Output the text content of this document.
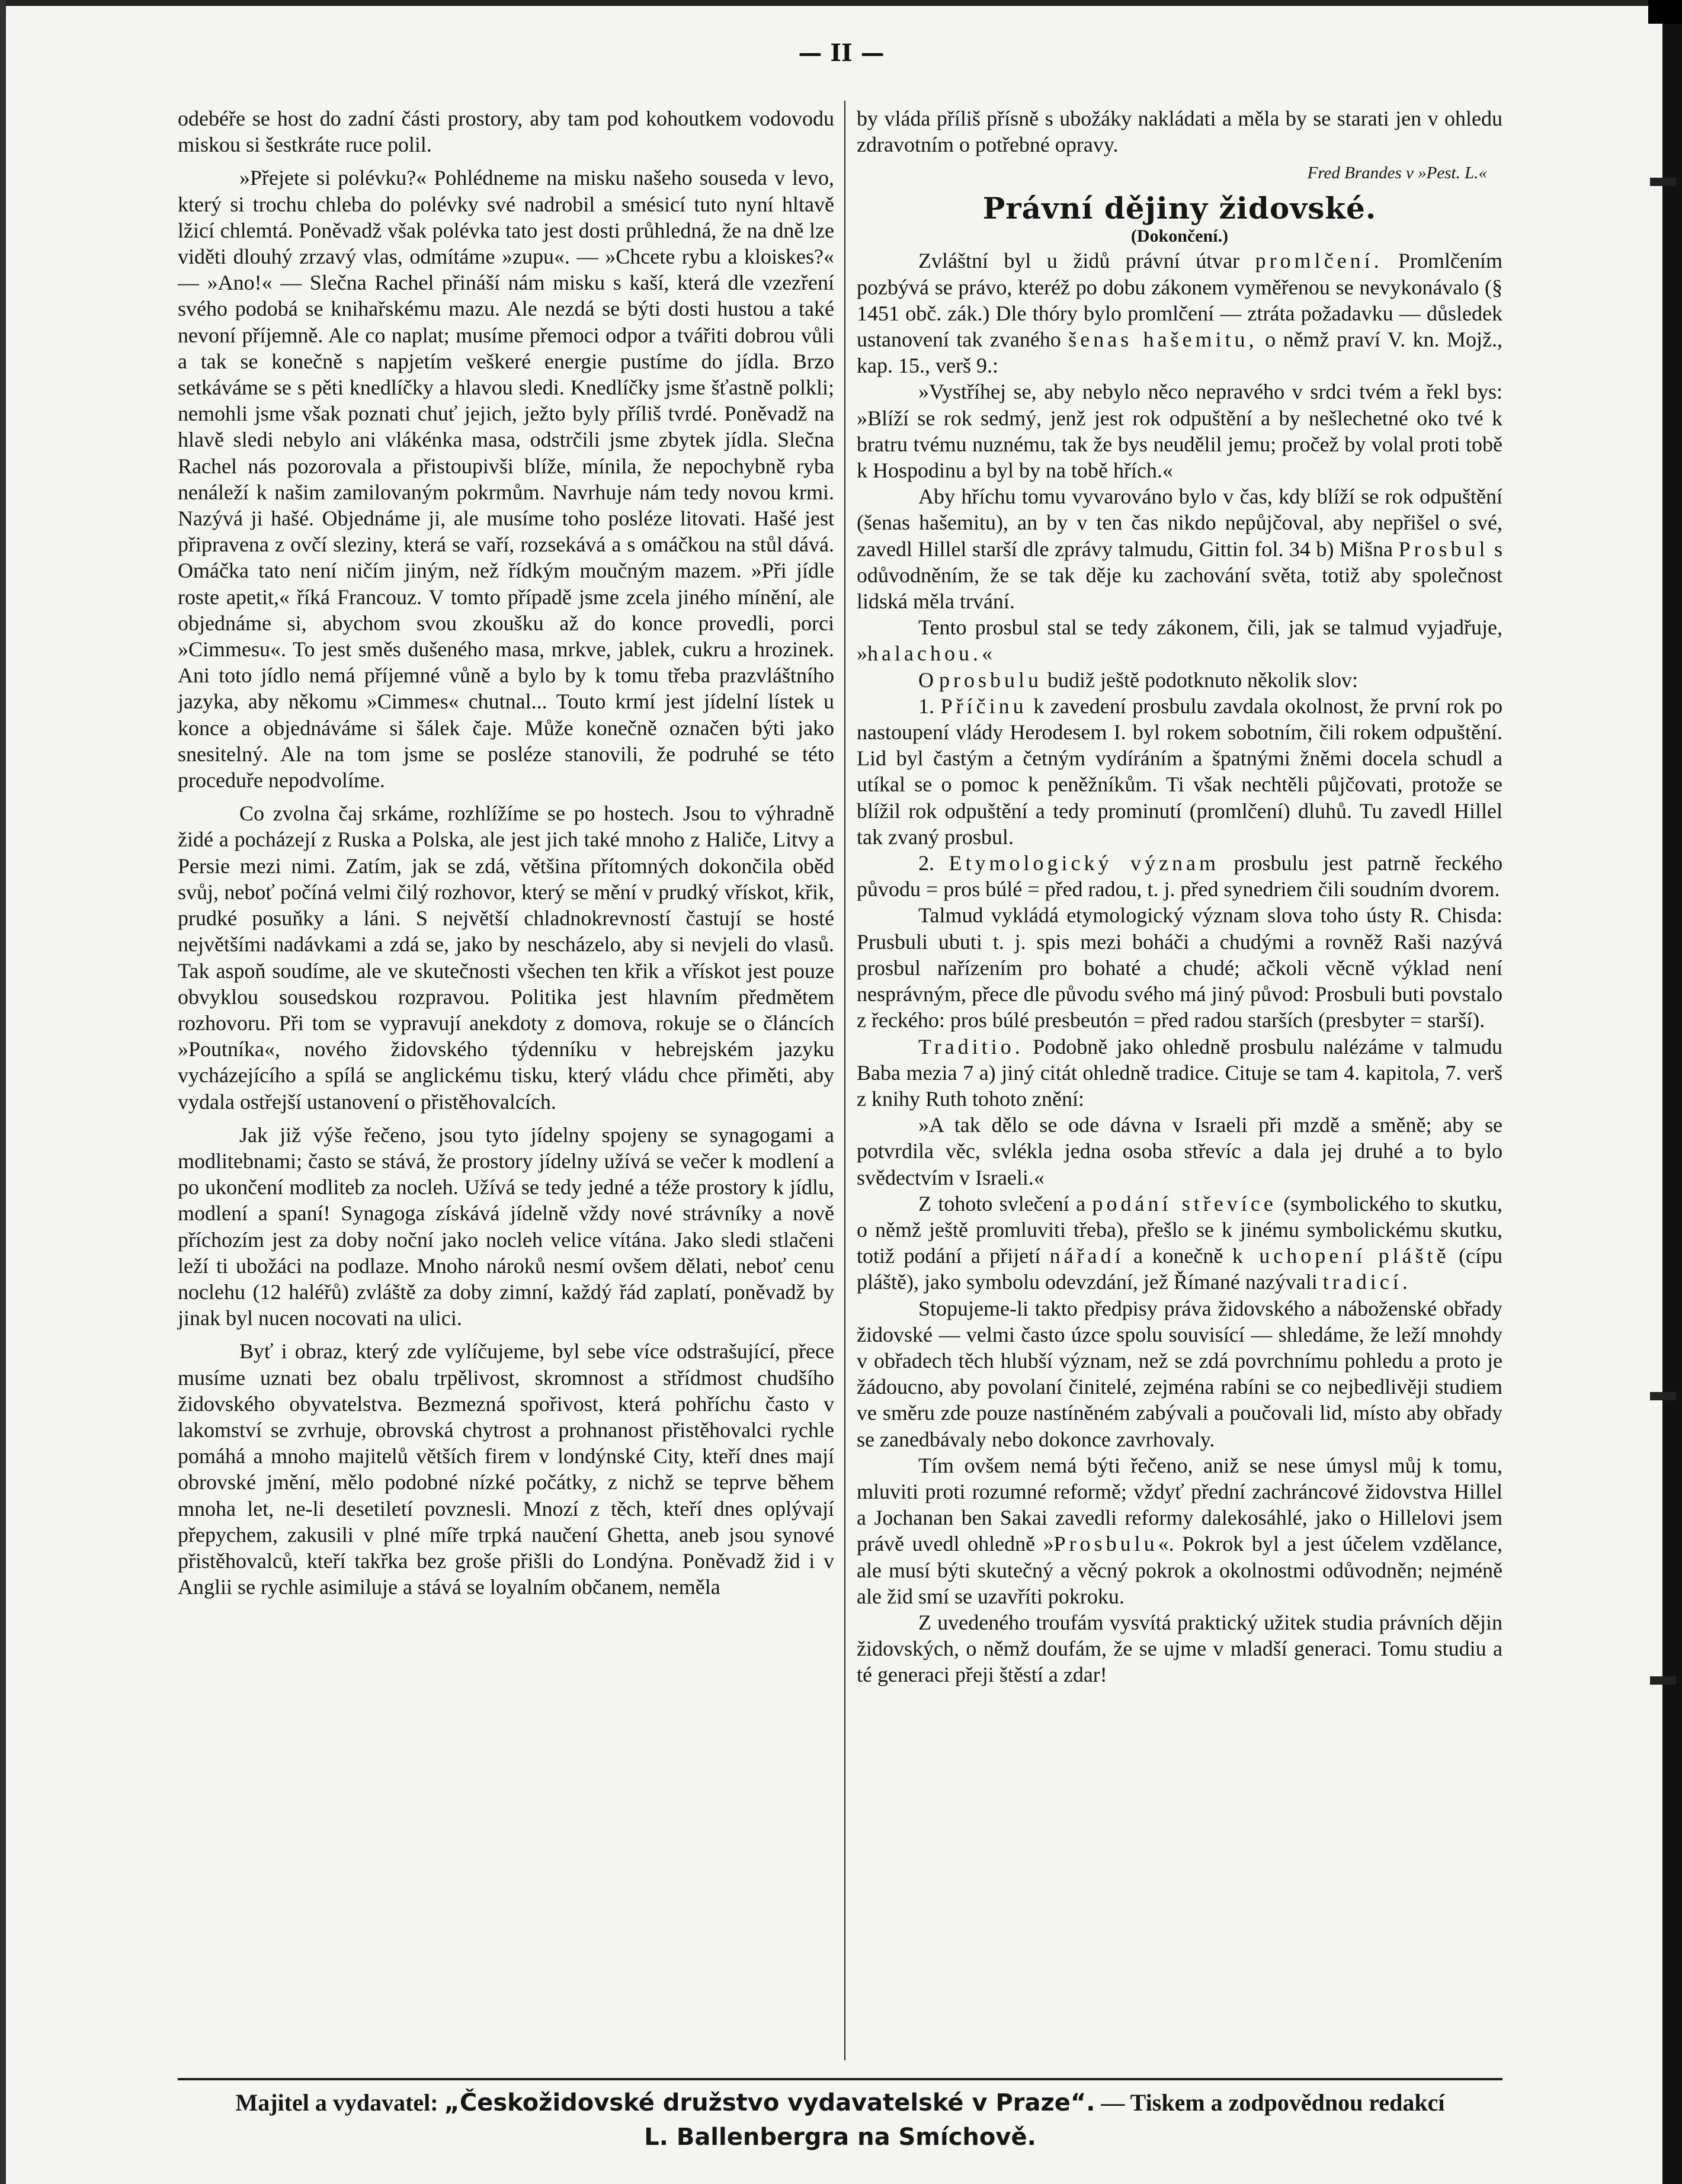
— II —

odebéře se host do zadní části prostory, aby tam pod kohoutkem vodovodu miskou si šestkráte ruce polil.

»Přejete si polévku?« Pohlédneme na misku našeho souseda v levo, který si trochu chleba do polévky své nadrobil a smésicí tuto nyní hltavě lžicí chlemtá. Poněvadž však polévka tato jest dosti průhledná, že na dně lze viděti dlouhý zrzavý vlas, odmítáme »zupu«. — »Chcete rybu a kloiskes?« — »Ano!« — Slečna Rachel přináší nám misku s kaší, která dle vzezření svého podobá se knihařskému mazu. Ale nezdá se býti dosti hustou a také nevoní příjemně. Ale co naplat; musíme přemoci odpor a tvářiti dobrou vůli a tak se konečně s napjetím veškeré energie pustíme do jídla. Brzo setkáváme se s pěti knedlíčky a hlavou sledi. Knedlíčky jsme šťastně polkli; nemohli jsme však poznati chuť jejich, ježto byly příliš tvrdé. Poněvadž na hlavě sledi nebylo ani vlákénka masa, odstrčili jsme zbytek jídla. Slečna Rachel nás pozorovala a přistoupivši blíže, mínila, že nepochybně ryba nenáleží k našim zamilovaným pokrmům. Navrhuje nám tedy novou krmi. Nazývá ji hašé. Objednáme ji, ale musíme toho posléze litovati. Hašé jest připravena z ovčí sleziny, která se vaří, rozsekává a s omáčkou na stůl dává. Omáčka tato není ničím jiným, než řídkým moučným mazem. »Při jídle roste apetit,« říká Francouz. V tomto případě jsme zcela jiného mínění, ale objednáme si, abychom svou zkoušku až do konce provedli, porci »Cimmesu«. To jest směs dušeného masa, mrkve, jablek, cukru a hrozinek. Ani toto jídlo nemá příjemné vůně a bylo by k tomu třeba prazvláštního jazyka, aby někomu »Cimmes« chutnal... Touto krmí jest jídelní lístek u konce a objednáváme si šálek čaje. Může konečně označen býti jako snesitelný. Ale na tom jsme se posléze stanovili, že podruhé se této proceduře nepodvolíme.

Co zvolna čaj srkáme, rozhlížíme se po hostech. Jsou to výhradně židé a pocházejí z Ruska a Polska, ale jest jich také mnoho z Haliče, Litvy a Persie mezi nimi. Zatím, jak se zdá, většina přítomných dokončila oběd svůj, neboť počíná velmi čilý rozhovor, který se mění v prudký vřískot, křik, prudké posuňky a láni. S největší chladnokrevností častují se hosté největšími nadávkami a zdá se, jako by nescházelo, aby si nevjeli do vlasů. Tak aspoň soudíme, ale ve skutečnosti všechen ten křik a vřískot jest pouze obvyklou sousedskou rozpravou. Politika jest hlavním předmětem rozhovoru. Při tom se vypravují anekdoty z domova, rokuje se o článcích »Poutníka«, nového židovského týdenníku v hebrejském jazyku vycházejícího a spílá se anglickému tisku, který vládu chce přiměti, aby vydala ostřejší ustanovení o přistěhovalcích.

Jak již výše řečeno, jsou tyto jídelny spojeny se synagogami a modlitebnami; často se stává, že prostory jídelny užívá se večer k modlení a po ukončení modliteb za nocleh. Užívá se tedy jedné a téže prostory k jídlu, modlení a spaní! Synagoga získává jídelně vždy nové strávníky a nově příchozím jest za doby noční jako nocleh velice vítána. Jako sledi stlačeni leží ti ubožáci na podlaze. Mnoho nároků nesmí ovšem dělati, neboť cenu noclehu (12 haléřů) zvláště za doby zimní, každý řád zaplatí, poněvadž by jinak byl nucen nocovati na ulici.

Byť i obraz, který zde vylíčujeme, byl sebe více odstrašující, přece musíme uznati bez obalu trpělivost, skromnost a střídmost chudšího židovského obyvatelstva. Bezmezná spořivost, která pohříchu často v lakomství se zvrhuje, obrovská chytrost a prohnanost přistěhovalci rychle pomáhá a mnoho majitelů větších firem v londýnské City, kteří dnes mají obrovské jmění, mělo podobné nízké počátky, z nichž se teprve během mnoha let, ne-li desetiletí povznesli. Mnozí z těch, kteří dnes oplývají přepychem, zakusili v plné míře trpká naučení Ghetta, aneb jsou synové přistěhovalců, kteří takřka bez groše přišli do Londýna. Poněvadž žid i v Anglii se rychle asimiluje a stává se loyalním občanem, neměla

by vláda příliš přísně s ubožáky nakládati a měla by se starati jen v ohledu zdravotním o potřebné opravy.

Fred Brandes v »Pest. L.«

Právní dějiny židovské.

(Dokončení.)

Zvláštní byl u židů právní útvar promlčení. Promlčením pozbývá se právo, kteréž po dobu zákonem vyměřenou se nevykonávalo (§ 1451 obč. zák.) Dle thóry bylo promlčení — ztráta požadavku — důsledek ustanovení tak zvaného šenas hašemitu, o němž praví V. kn. Mojž., kap. 15., verš 9.:

»Vystříhej se, aby nebylo něco nepravého v srdci tvém a řekl bys: »Blíží se rok sedmý, jenž jest rok odpuštění a by nešlechetné oko tvé k bratru tvému nuznému, tak že bys neudělil jemu; pročež by volal proti tobě k Hospodinu a byl by na tobě hřích.«

Aby hříchu tomu vyvarováno bylo v čas, kdy blíží se rok odpuštění (šenas hašemitu), an by v ten čas nikdo nepůjčoval, aby nepřišel o své, zavedl Hillel starší dle zprávy talmudu, Gittin fol. 34 b) Mišna Prosbul s odůvodněním, že se tak děje ku zachování světa, totiž aby společnost lidská měla trvání.

Tento prosbul stal se tedy zákonem, čili, jak se talmud vyjadřuje, »halachou.«

O prosbulu budiž ještě podotknuto několik slov:

1. Příčinu k zavedení prosbulu zavdala okolnost, že první rok po nastoupení vlády Herodesem I. byl rokem sobotním, čili rokem odpuštění. Lid byl častým a četným vydíráním a špatnými žněmi docela schudl a utíkal se o pomoc k peněžníkům. Ti však nechtěli půjčovati, protože se blížil rok odpuštění a tedy prominutí (promlčení) dluhů. Tu zavedl Hillel tak zvaný prosbul.

2. Etymologický význam prosbulu jest patrně řeckého původu = pros búlé = před radou, t. j. před synedriem čili soudním dvorem.

Talmud vykládá etymologický význam slova toho ústy R. Chisda: Prusbuli ubuti t. j. spis mezi boháči a chudými a rovněž Raši nazývá prosbul nařízením pro bohaté a chudé; ačkoli věcně výklad není nesprávným, přece dle původu svého má jiný původ: Prosbuli buti povstalo z řeckého: pros búlé presbeutón = před radou starších (presbyter = starší).

Traditio. Podobně jako ohledně prosbulu nalézáme v talmudu Baba mezia 7 a) jiný citát ohledně tradice. Cituje se tam 4. kapitola, 7. verš z knihy Ruth tohoto znění:

»A tak dělo se ode dávna v Israeli při mzdě a směně; aby se potvrdila věc, svlékla jedna osoba střevíc a dala jej druhé a to bylo svědectvím v Israeli.«

Z tohoto svlečení a podání střevíce (symbolického to skutku, o němž ještě promluviti třeba), přešlo se k jinému symbolickému skutku, totiž podání a přijetí nářadí a konečně k uchopení pláště (cípu pláště), jako symbolu odevzdání, jež Římané nazývali tradicí.

Stopujeme-li takto předpisy práva židovského a náboženské obřady židovské — velmi často úzce spolu souvisící — shledáme, že leží mnohdy v obřadech těch hlubší význam, než se zdá povrchnímu pohledu a proto je žádoucno, aby povolaní činitelé, zejména rabíni se co nejbedlivěji studiem ve směru zde pouze nastíněném zabývali a poučovali lid, místo aby obřady se zanedbávaly nebo dokonce zavrhovaly.

Tím ovšem nemá býti řečeno, aniž se nese úmysl můj k tomu, mluviti proti rozumné reformě; vždyť přední zachráncové židovstva Hillel a Jochanan ben Sakai zavedli reformy dalekosáhlé, jako o Hillelovi jsem právě uvedl ohledně »Prosbulu«. Pokrok byl a jest účelem vzdělance, ale musí býti skutečný a věcný pokrok a okolnostmi odůvodněn; nejméně ale žid smí se uzavříti pokroku.

Z uvedeného troufám vysvítá praktický užitek studia právních dějin židovských, o němž doufám, že se ujme v mladší generaci. Tomu studiu a té generaci přeji štěstí a zdar!

Majitel a vydavatel: „Českožidovské družstvo vydavatelské v Praze“. — Tiskem a zodpovědnou redakcí
L. Ballenbergra na Smíchově.
